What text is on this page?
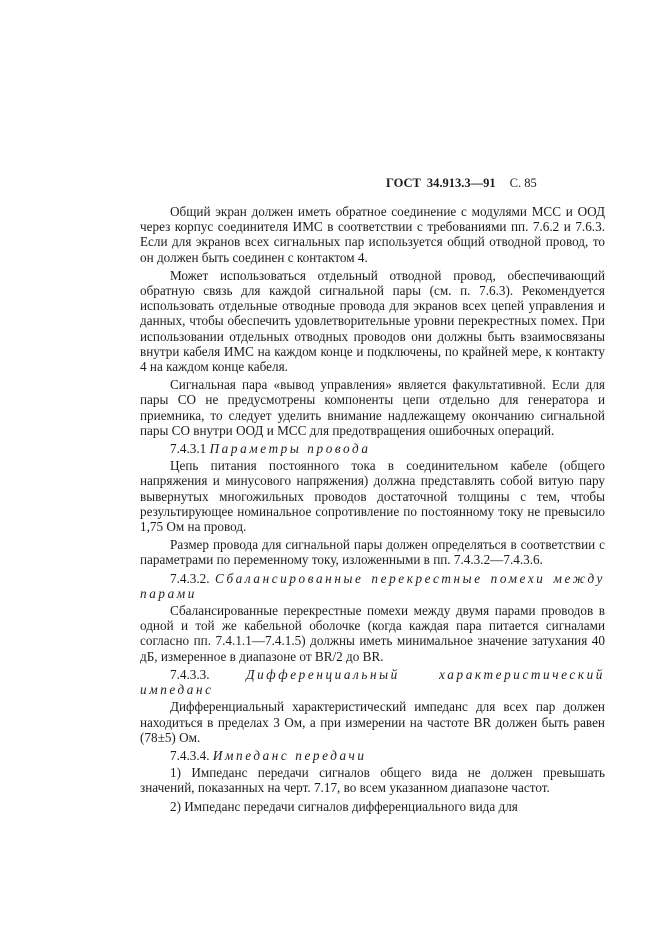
ГОСТ 34.913.3—91 С. 85

Общий экран должен иметь обратное соединение с модулями МСС и ООД через корпус соединителя ИМС в соответствии с требованиями пп. 7.6.2 и 7.6.3. Если для экранов всех сигнальных пар используется общий отводной провод, то он должен быть соединен с контактом 4.

Может использоваться отдельный отводной провод, обеспечивающий обратную связь для каждой сигнальной пары (см. п. 7.6.3). Рекомендуется использовать отдельные отводные провода для экранов всех цепей управления и данных, чтобы обеспечить удовлетворительные уровни перекрестных помех. При использовании отдельных отводных проводов они должны быть взаимосвязаны внутри кабеля ИМС на каждом конце и подключены, по крайней мере, к контакту 4 на каждом конце кабеля.

Сигнальная пара «вывод управления» является факультативной. Если для пары СО не предусмотрены компоненты цепи отдельно для генератора и приемника, то следует уделить внимание надлежащему окончанию сигнальной пары СО внутри ООД и МСС для предотвращения ошибочных операций.

7.4.3.1 Параметры провода

Цепь питания постоянного тока в соединительном кабеле (общего напряжения и минусового напряжения) должна представлять собой витую пару вывернутых многожильных проводов достаточной толщины с тем, чтобы результирующее номинальное сопротивление по постоянному току не превысило 1,75 Ом на провод.

Размер провода для сигнальной пары должен определяться в соответствии с параметрами по переменному току, изложенными в пп. 7.4.3.2—7.4.3.6.

7.4.3.2. Сбалансированные перекрестные помехи между парами

Сбалансированные перекрестные помехи между двумя парами проводов в одной и той же кабельной оболочке (когда каждая пара питается сигналами согласно пп. 7.4.1.1—7.4.1.5) должны иметь минимальное значение затухания 40 дБ, измеренное в диапазоне от BR/2 до BR.

7.4.3.3.	Дифференциальный характеристический импеданс

Дифференциальный характеристический импеданс для всех пар должен находиться в пределах 3 Ом, а при измерении на частоте BR должен быть равен (78±5) Ом.

7.4.3.4. Импеданс передачи

1) Импеданс передачи сигналов общего вида не должен превышать значений, показанных на черт. 7.17, во всем указанном диапазоне частот.

2) Импеданс передачи сигналов дифференциального вида для
